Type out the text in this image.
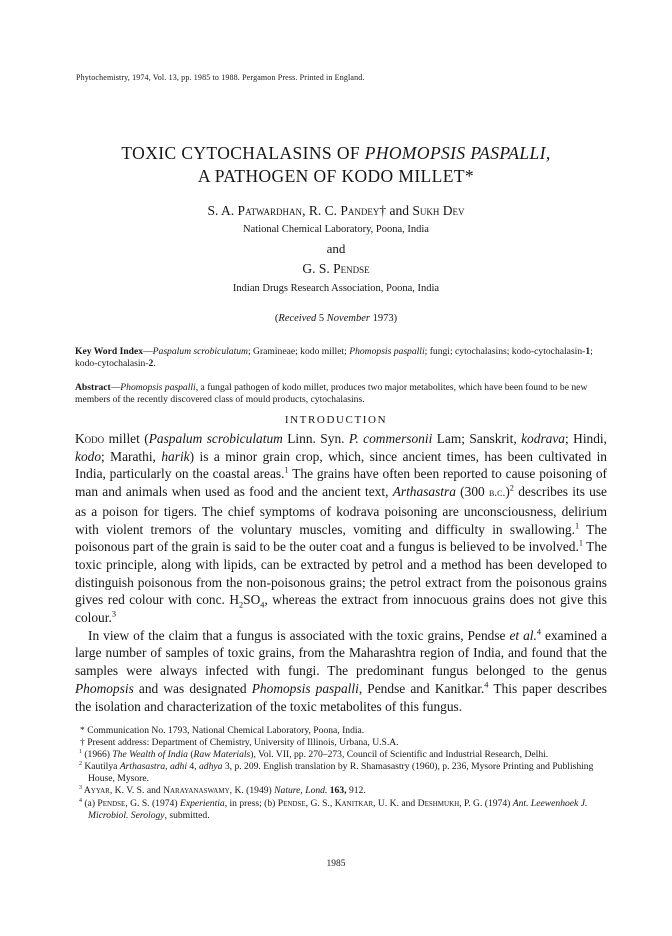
Phytochemistry, 1974, Vol. 13, pp. 1985 to 1988. Pergamon Press. Printed in England.
TOXIC CYTOCHALASINS OF PHOMOPSIS PASPALLI,
A PATHOGEN OF KODO MILLET*
S. A. Patwardhan, R. C. Pandey† and Sukh Dev
National Chemical Laboratory, Poona, India
and
G. S. Pendse
Indian Drugs Research Association, Poona, India
(Received 5 November 1973)
Key Word Index—Paspalum scrobiculatum; Gramineae; kodo millet; Phomopsis paspalli; fungi; cytochalasins; kodo-cytochalasin-1; kodo-cytochalasin-2.
Abstract—Phomopsis paspalli, a fungal pathogen of kodo millet, produces two major metabolites, which have been found to be new members of the recently discovered class of mould products, cytochalasins.
INTRODUCTION

Kodo millet (Paspalum scrobiculatum Linn. Syn. P. commersonii Lam; Sanskrit, kodrava; Hindi, kodo; Marathi, harik) is a minor grain crop, which, since ancient times, has been cultivated in India, particularly on the coastal areas.$^1$ The grains have often been reported to cause poisoning of man and animals when used as food and the ancient text, Arthasastra (300 b.c.)$^2$ describes its use as a poison for tigers. The chief symptoms of kodrava poisoning are unconsciousness, delirium with violent tremors of the voluntary muscles, vomiting and difficulty in swallowing.$^1$ The poisonous part of the grain is said to be the outer coat and a fungus is believed to be involved.$^1$ The toxic principle, along with lipids, can be extracted by petrol and a method has been developed to distinguish poisonous from the non-poisonous grains; the petrol extract from the poisonous grains gives red colour with conc. $H_2SO_4$, whereas the extract from innocuous grains does not give this colour.$^3$

In view of the claim that a fungus is associated with the toxic grains, Pendse et al.$^4$ examined a large number of samples of toxic grains, from the Maharashtra region of India, and found that the samples were always infected with fungi. The predominant fungus belonged to the genus Phomopsis and was designated Phomopsis paspalli, Pendse and Kanitkar.$^4$ This paper describes the isolation and characterization of the toxic metabolites of this fungus.

* Communication No. 1793, National Chemical Laboratory, Poona, India.
† Present address: Department of Chemistry, University of Illinois, Urbana, U.S.A.
$^1$ (1966) The Wealth of India (Raw Materials), Vol. VII, pp. 270–273, Council of Scientific and Industrial Research, Delhi.
$^2$ Kautilya Arthasastra, adhi 4, adhya 3, p. 209. English translation by R. Shamasastry (1960), p. 236, Mysore Printing and Publishing House, Mysore.
$^3$ Ayyar, K. V. S. and Narayanaswamy, K. (1949) Nature, Lond. 163, 912.
$^4$ (a) Pendse, G. S. (1974) Experientia, in press; (b) Pendse, G. S., Kanitkar, U. K. and Deshmukh, P. G. (1974) Ant. Leewenhoek J. Microbiol. Serology, submitted.
1985
